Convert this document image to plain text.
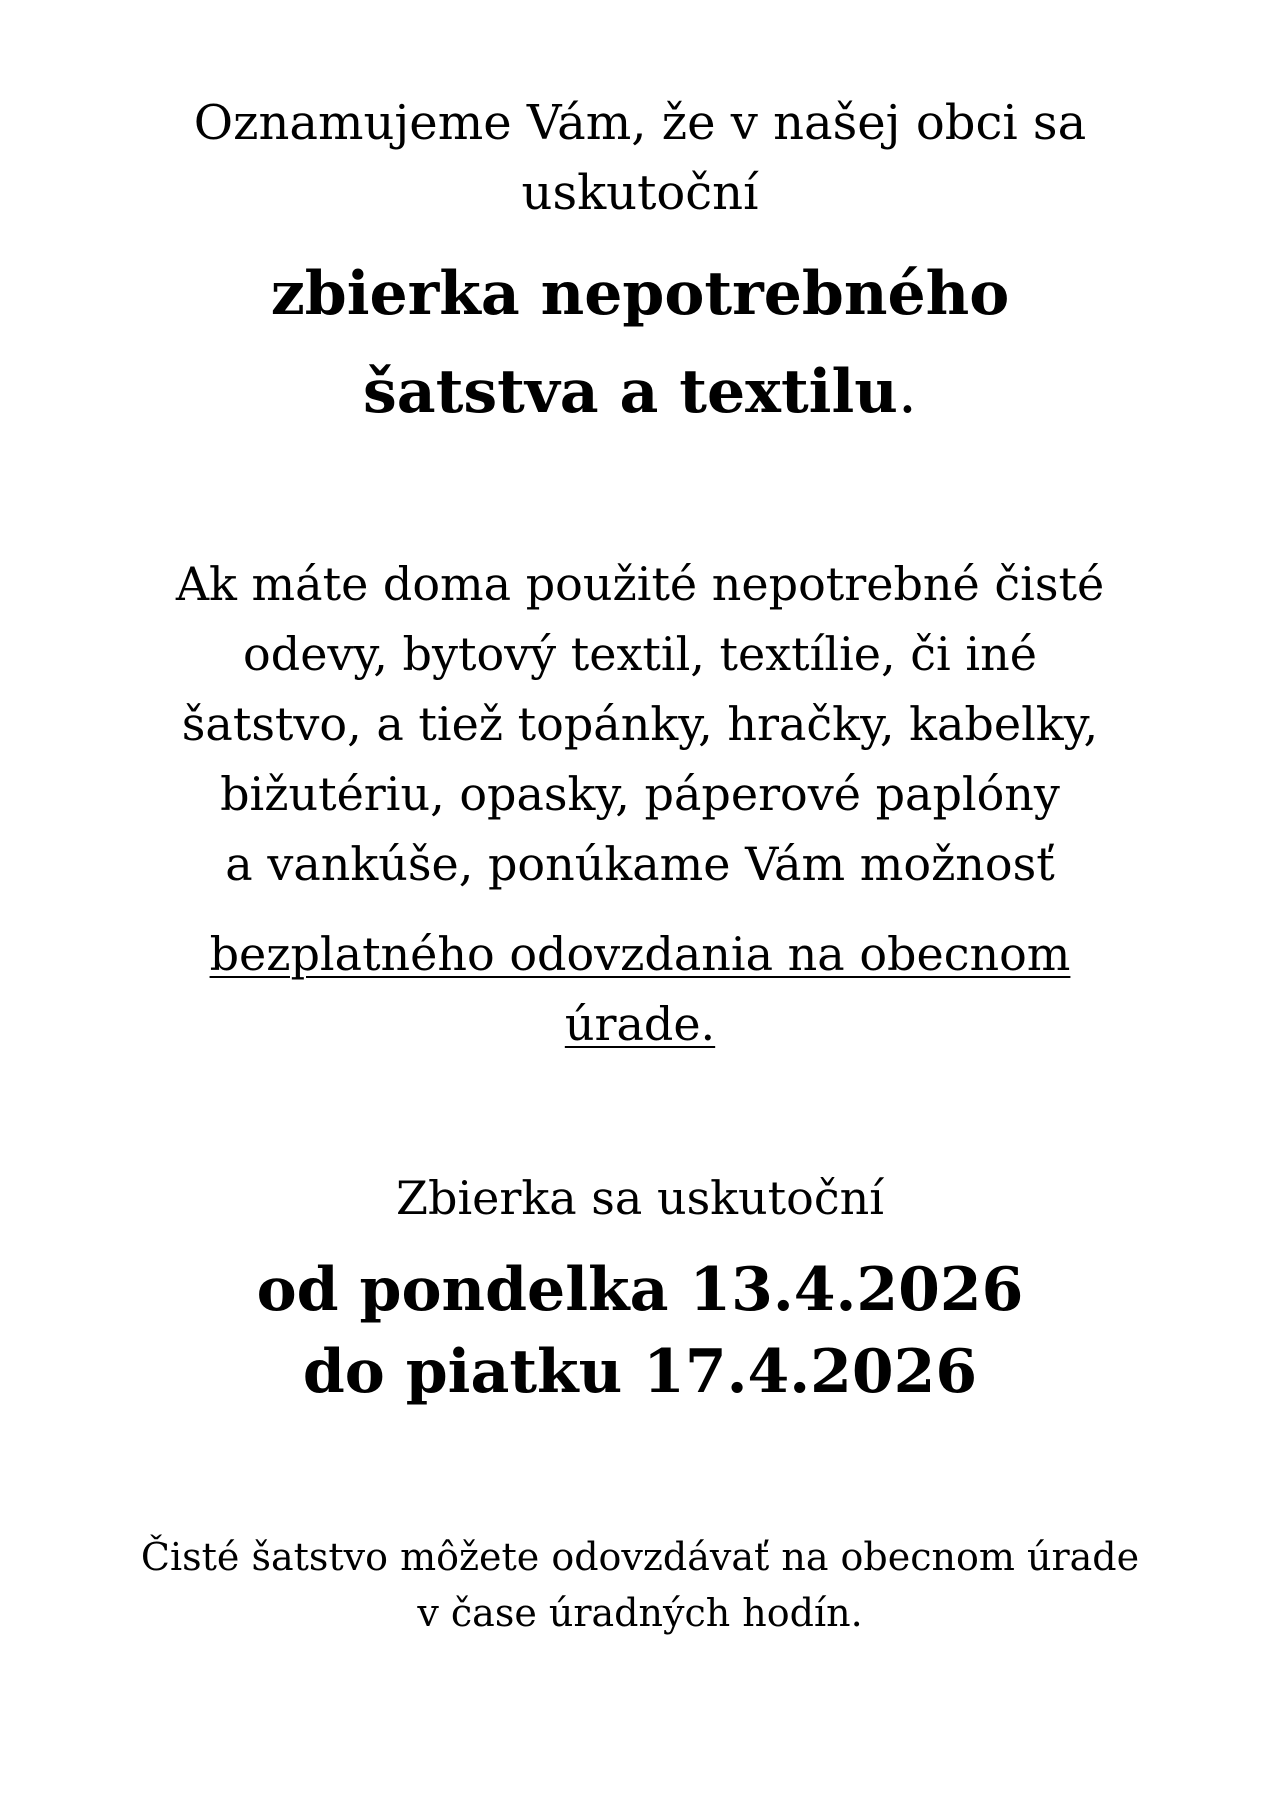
Oznamujeme Vám, že v našej obci sa
uskutoční
zbierka nepotrebného
šatstva a textilu.
Ak máte doma použité nepotrebné čisté
odevy, bytový textil, textílie, či iné
šatstvo, a tiež topánky, hračky, kabelky,
bižutériu, opasky, páperové paplóny
a vankúše, ponúkame Vám možnosť
bezplatného odovzdania na obecnom
úrade.
Zbierka sa uskutoční
od pondelka 13.4.2026
do piatku 17.4.2026
Čisté šatstvo môžete odovzdávať na obecnom úrade
v čase úradných hodín.
